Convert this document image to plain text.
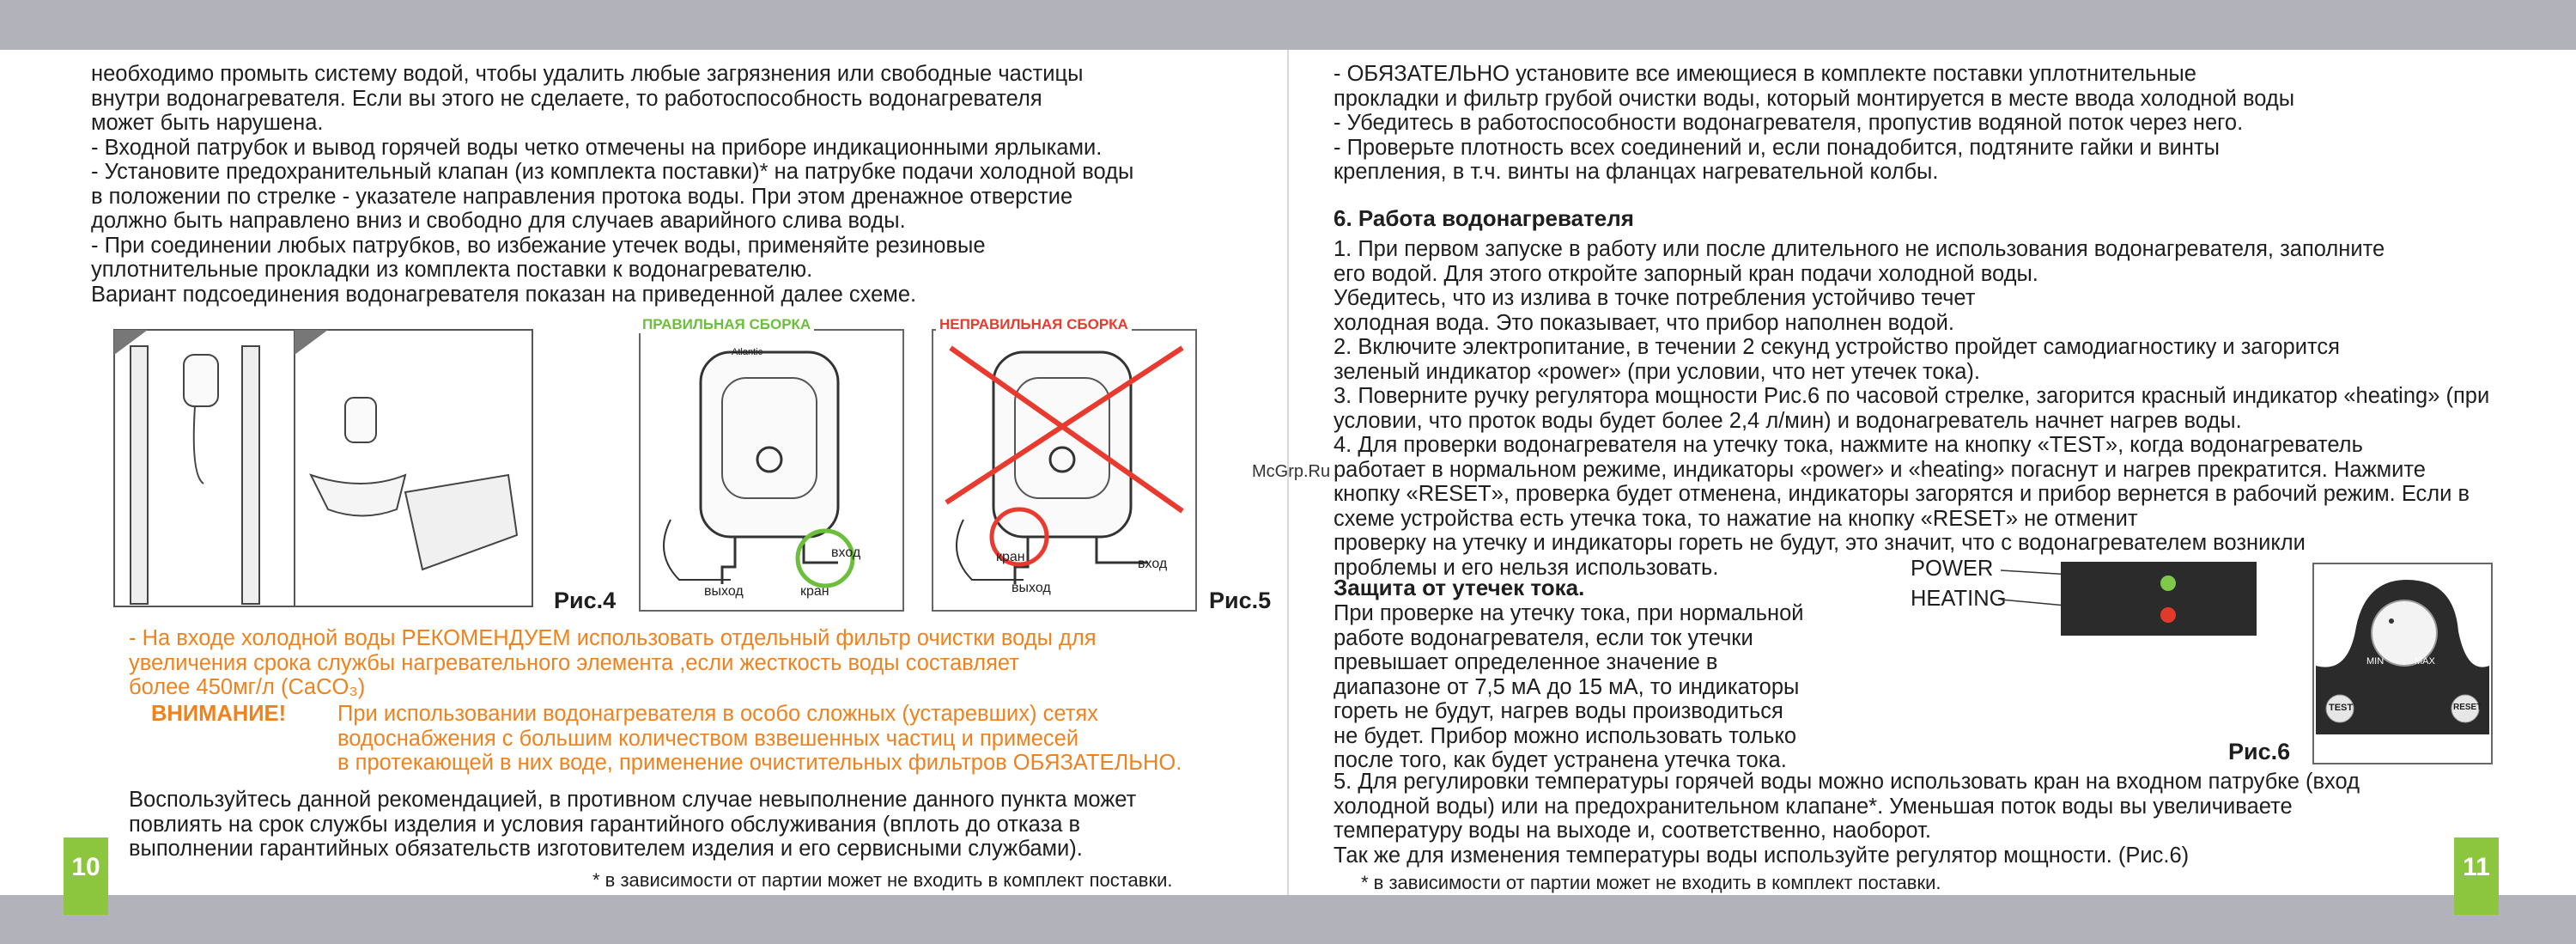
необходимо промыть систему водой, чтобы удалить любые загрязнения или свободные частицы
внутри водонагревателя. Если вы этого не сделаете, то работоспособность водонагревателя
может быть нарушена.
- Входной патрубок и вывод горячей воды четко отмечены на приборе индикационными ярлыками.
- Установите предохранительный клапан (из комплекта поставки)* на патрубке подачи холодной воды
в положении по стрелке - указателе направления протока воды. При этом дренажное отверстие
должно быть направлено вниз и свободно для случаев аварийного слива воды.
- При соединении любых патрубков, во избежание утечек воды, применяйте резиновые
уплотнительные прокладки из комплекта поставки к водонагревателю.
Вариант подсоединения водонагревателя показан на приведенной далее схеме.
Рис.4
ПРАВИЛЬНАЯ СБОРКА
вход
выход	кран
Atlantic
НЕПРАВИЛЬНАЯ СБОРКА
кран	вход
выход	Рис.5
- На входе холодной воды РЕКОМЕНДУЕМ использовать отдельный фильтр очистки воды для
увеличения срока службы нагревательного элемента ,если жесткость воды составляет
более 450мг/л (CaCO₃)
ВНИМАНИЕ! При использовании водонагревателя в особо сложных (устаревших) сетях
водоснабжения с большим количеством взвешенных частиц и примесей
в протекающей в них воде, применение очистительных фильтров ОБЯЗАТЕЛЬНО.
Воспользуйтесь данной рекомендацией, в противном случае невыполнение данного пункта может
повлиять на срок службы изделия и условия гарантийного обслуживания (вплоть до отказа в
выполнении гарантийных обязательств изготовителем изделия и его сервисными службами).
* в зависимости от партии может не входить в комплект поставки.
10
McGrp.Ru
- ОБЯЗАТЕЛЬНО установите все имеющиеся в комплекте поставки уплотнительные
прокладки и фильтр грубой очистки воды, который монтируется в месте ввода холодной воды
- Убедитесь в работоспособности водонагревателя, пропустив водяной поток через него.
- Проверьте плотность всех соединений и, если понадобится, подтяните гайки и винты
крепления, в т.ч. винты на фланцах нагревательной колбы.
6. Работа водонагревателя
1. При первом запуске в работу или после длительного не использования водонагревателя, заполните
его водой. Для этого откройте запорный кран подачи холодной воды.
Убедитесь, что из излива в точке потребления устойчиво течет
холодная вода. Это показывает, что прибор наполнен водой.
2. Включите электропитание, в течении 2 секунд устройство пройдет самодиагностику и загорится
зеленый индикатор «power» (при условии, что нет утечек тока).
3. Поверните ручку регулятора мощности Рис.6 по часовой стрелке, загорится красный индикатор «heating» (при
условии, что проток воды будет более 2,4 л/мин) и водонагреватель начнет нагрев воды.
4. Для проверки водонагревателя на утечку тока, нажмите на кнопку «TEST», когда водонагреватель
работает в нормальном режиме, индикаторы «power» и «heating» погаснут и нагрев прекратится. Нажмите
кнопку «RESET», проверка будет отменена, индикаторы загорятся и прибор вернется в рабочий режим. Если в
схеме устройства есть утечка тока, то нажатие на кнопку «RESET» не отменит
проверку на утечку и индикаторы гореть не будут, это значит, что с водонагревателем возникли
проблемы и его нельзя использовать.
Защита от утечек тока.
При проверке на утечку тока, при нормальной
работе водонагревателя, если ток утечки
превышает определенное значение в
диапазоне от 7,5 мА до 15 мА, то индикаторы
гореть не будут, нагрев воды производиться
не будет. Прибор можно использовать только
после того, как будет устранена утечка тока.
POWER
HEATING
MIN	MAX
TEST	RESET
Рис.6
5. Для регулировки температуры горячей воды можно использовать кран на входном патрубке (вход
холодной воды) или на предохранительном клапане*. Уменьшая поток воды вы увеличиваете
температуру воды на выходе и, соответственно, наоборот.
Так же для изменения температуры воды используйте регулятор мощности. (Рис.6)
* в зависимости от партии может не входить в комплект поставки.
11
